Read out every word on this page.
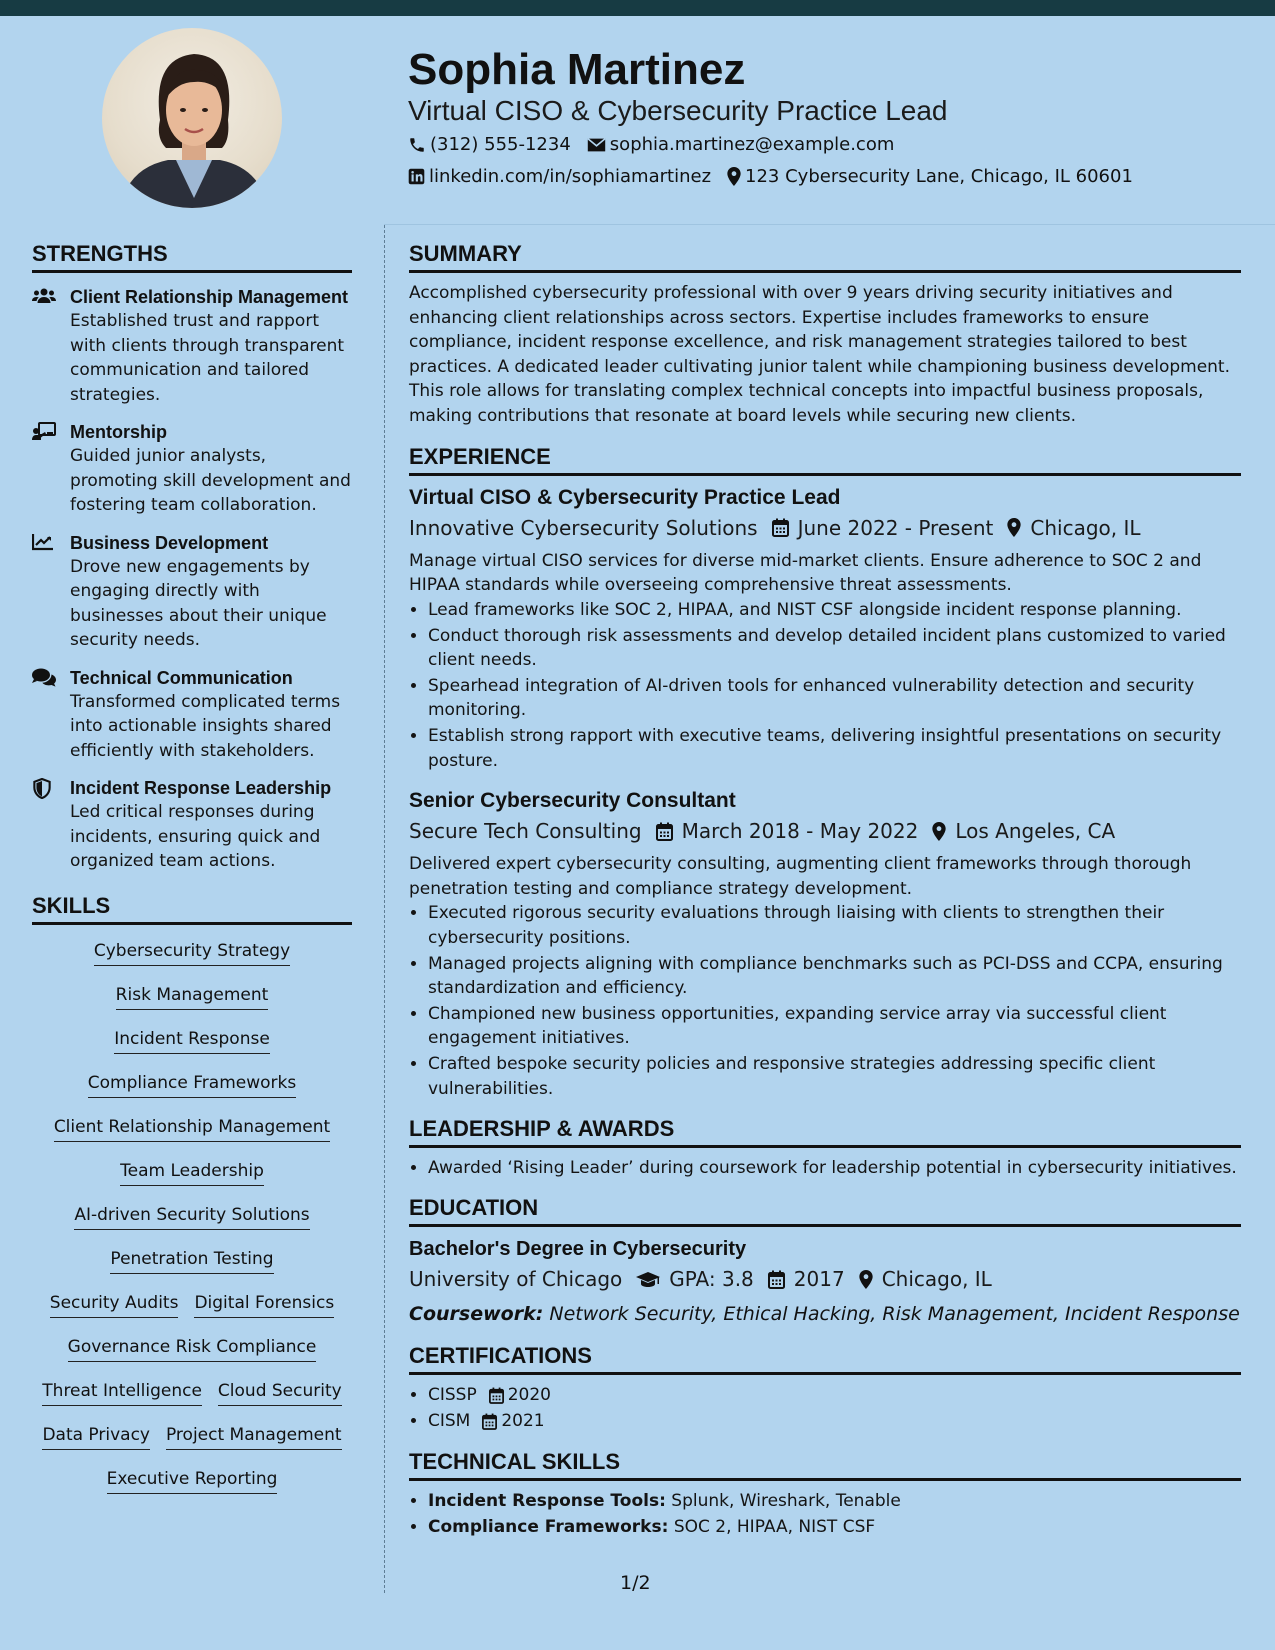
Sophia Martinez
Virtual CISO & Cybersecurity Practice Lead
(312) 555-1234 sophia.martinez@example.com
linkedin.com/in/sophiamartinez 123 Cybersecurity Lane, Chicago, IL 60601
STRENGTHS
Client Relationship Management
Established trust and rapport with clients through transparent communication and tailored strategies.
Mentorship
Guided junior analysts, promoting skill development and fostering team collaboration.
Business Development
Drove new engagements by engaging directly with businesses about their unique security needs.
Technical Communication
Transformed complicated terms into actionable insights shared efficiently with stakeholders.
Incident Response Leadership
Led critical responses during incidents, ensuring quick and organized team actions.
SKILLS
Cybersecurity Strategy
Risk Management
Incident Response
Compliance Frameworks
Client Relationship Management
Team Leadership
AI-driven Security Solutions
Penetration Testing
Security Audits Digital Forensics
Governance Risk Compliance
Threat Intelligence Cloud Security
Data Privacy Project Management
Executive Reporting
SUMMARY
Accomplished cybersecurity professional with over 9 years driving security initiatives and enhancing client relationships across sectors. Expertise includes frameworks to ensure compliance, incident response excellence, and risk management strategies tailored to best practices. A dedicated leader cultivating junior talent while championing business development. This role allows for translating complex technical concepts into impactful business proposals, making contributions that resonate at board levels while securing new clients.
EXPERIENCE
Virtual CISO & Cybersecurity Practice Lead
Innovative Cybersecurity Solutions June 2022 - Present Chicago, IL
Manage virtual CISO services for diverse mid-market clients. Ensure adherence to SOC 2 and HIPAA standards while overseeing comprehensive threat assessments.
• Lead frameworks like SOC 2, HIPAA, and NIST CSF alongside incident response planning.
• Conduct thorough risk assessments and develop detailed incident plans customized to varied client needs.
• Spearhead integration of AI-driven tools for enhanced vulnerability detection and security monitoring.
• Establish strong rapport with executive teams, delivering insightful presentations on security posture.
Senior Cybersecurity Consultant
Secure Tech Consulting March 2018 - May 2022 Los Angeles, CA
Delivered expert cybersecurity consulting, augmenting client frameworks through thorough penetration testing and compliance strategy development.
• Executed rigorous security evaluations through liaising with clients to strengthen their cybersecurity positions.
• Managed projects aligning with compliance benchmarks such as PCI-DSS and CCPA, ensuring standardization and efficiency.
• Championed new business opportunities, expanding service array via successful client engagement initiatives.
• Crafted bespoke security policies and responsive strategies addressing specific client vulnerabilities.
LEADERSHIP & AWARDS
• Awarded ‘Rising Leader’ during coursework for leadership potential in cybersecurity initiatives.
EDUCATION
Bachelor's Degree in Cybersecurity
University of Chicago GPA: 3.8 2017 Chicago, IL
Coursework: Network Security, Ethical Hacking, Risk Management, Incident Response
CERTIFICATIONS
• CISSP 2020
• CISM 2021
TECHNICAL SKILLS
• Incident Response Tools: Splunk, Wireshark, Tenable
• Compliance Frameworks: SOC 2, HIPAA, NIST CSF
1/2
